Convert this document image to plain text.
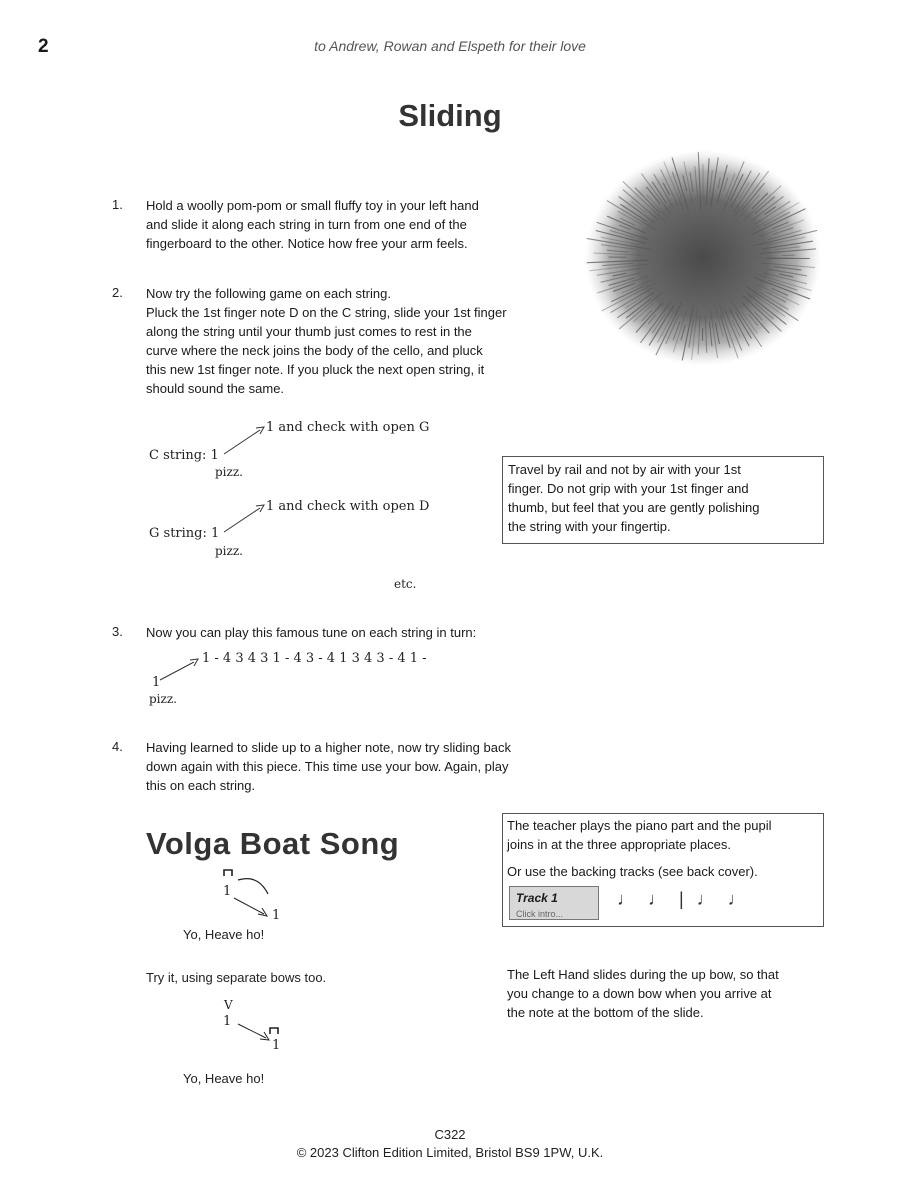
2	to Andrew, Rowan and Elspeth for their love
Sliding
1. Hold a woolly pom-pom or small fluffy toy in your left hand
and slide it along each string in turn from one end of the
fingerboard to the other. Notice how free your arm feels.
2. Now try the following game on each string.
Pluck the 1st finger note D on the C string, slide your 1st finger
along the string until your thumb just comes to rest in the
curve where the neck joins the body of the cello, and pluck
this new 1st finger note. If you pluck the next open string, it
should sound the same.
C string: 1
1 and check with open G
pizz.
G string: 1
1 and check with open D
pizz.
etc.
Travel by rail and not by air with your 1st
finger. Do not grip with your 1st finger and
thumb, but feel that you are gently polishing
the string with your fingertip.
3. Now you can play this famous tune on each string in turn:
1 - 4 3 4 3 1 - 4 3 - 4 1 3 4 3 - 4 1 -
1
pizz.
4. Having learned to slide up to a higher note, now try sliding back
down again with this piece. This time use your bow. Again, play
this on each string.
Volga Boat Song
1
1
Yo, Heave ho!
Try it, using separate bows too.
V
1
1
Yo, Heave ho!
The teacher plays the piano part and the pupil
joins in at the three appropriate places.
Or use the backing tracks (see back cover).
Track 1
Click intro...
♩ ♩ | ♩ ♩
The Left Hand slides during the up bow, so that
you change to a down bow when you arrive at
the note at the bottom of the slide.
C322
© 2023 Clifton Edition Limited, Bristol BS9 1PW, U.K.
